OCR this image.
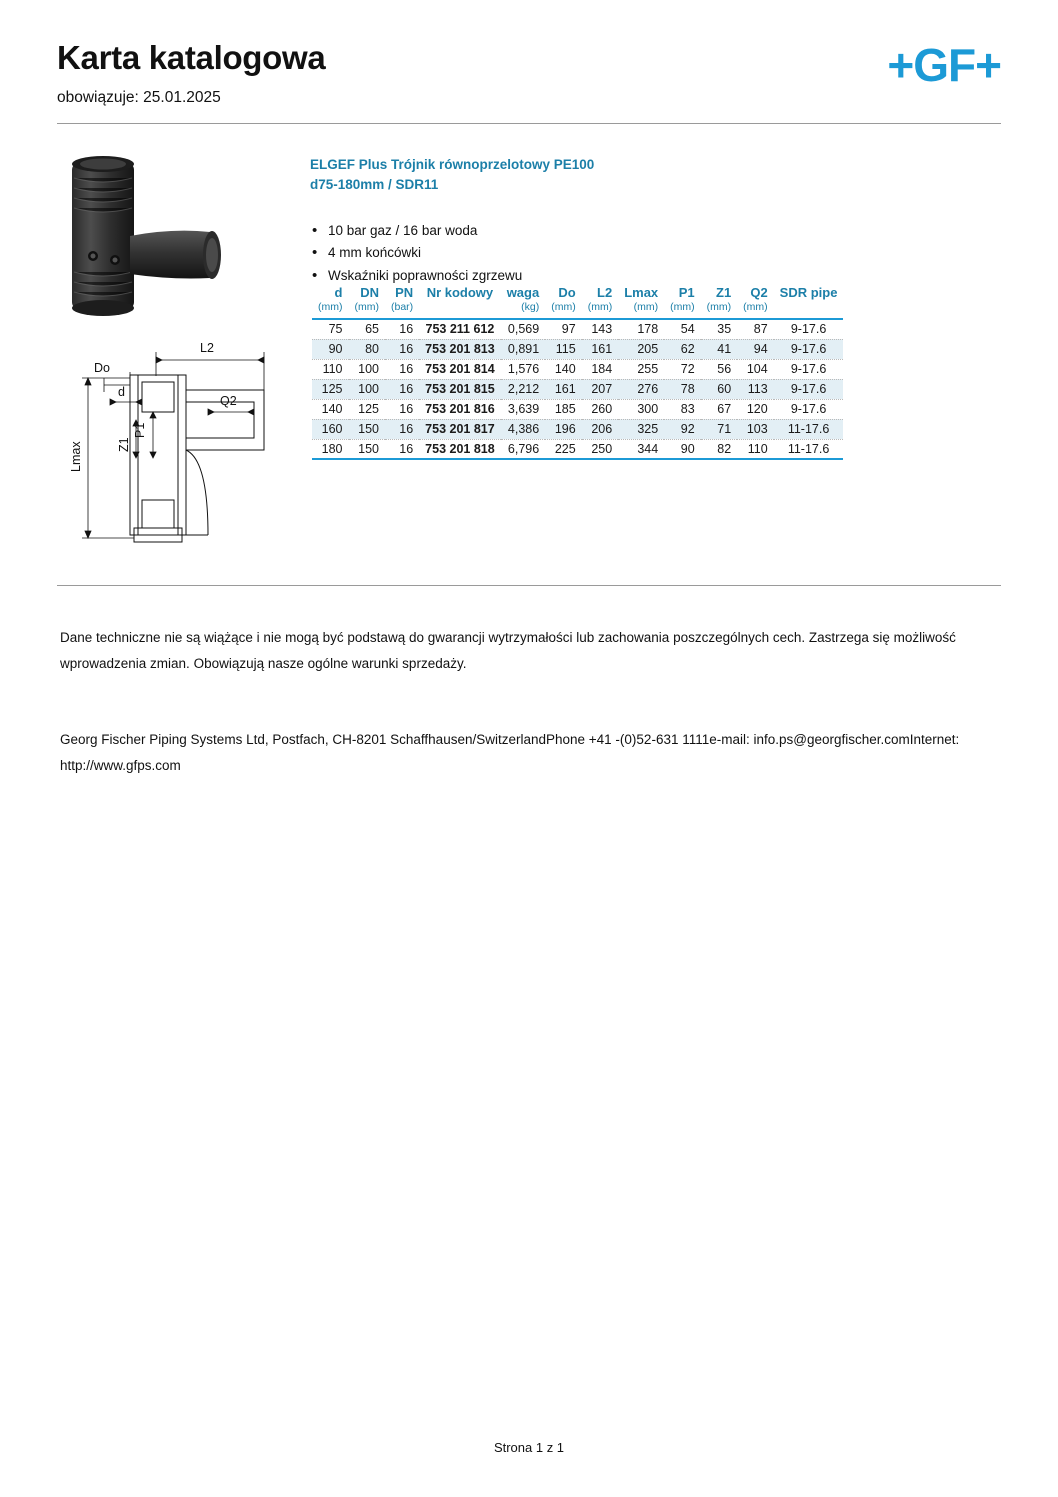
Karta katalogowa
obowiązuje: 25.01.2025
+GF+
L2
Do
d
Q2
P1
Z1
Lmax
ELGEF Plus Trójnik równoprzelotowy PE100
d75-180mm / SDR11
• 10 bar gaz / 16 bar woda
• 4 mm końcówki
• Wskaźniki poprawności zgrzewu
d	DN	PN	Nr kodowy	waga	Do	L2	Lmax	P1	Z1	Q2	SDR pipe
(mm)	(mm)	(bar)		(kg)	(mm)	(mm)	(mm)	(mm)	(mm)	(mm)	
75	65	16	753 211 612	0,569	97	143	178	54	35	87	9-17.6
90	80	16	753 201 813	0,891	115	161	205	62	41	94	9-17.6
110	100	16	753 201 814	1,576	140	184	255	72	56	104	9-17.6
125	100	16	753 201 815	2,212	161	207	276	78	60	113	9-17.6
140	125	16	753 201 816	3,639	185	260	300	83	67	120	9-17.6
160	150	16	753 201 817	4,386	196	206	325	92	71	103	11-17.6
180	150	16	753 201 818	6,796	225	250	344	90	82	110	11-17.6
Dane techniczne nie są wiążące i nie mogą być podstawą do gwarancji wytrzymałości lub zachowania poszczególnych cech. Zastrzega się możliwość wprowadzenia zmian. Obowiązują nasze ogólne warunki sprzedaży.
Georg Fischer Piping Systems Ltd, Postfach, CH-8201 Schaffhausen/SwitzerlandPhone +41 -(0)52-631 1111e-mail: info.ps@georgfischer.comInternet: http://www.gfps.com
Strona 1 z 1
